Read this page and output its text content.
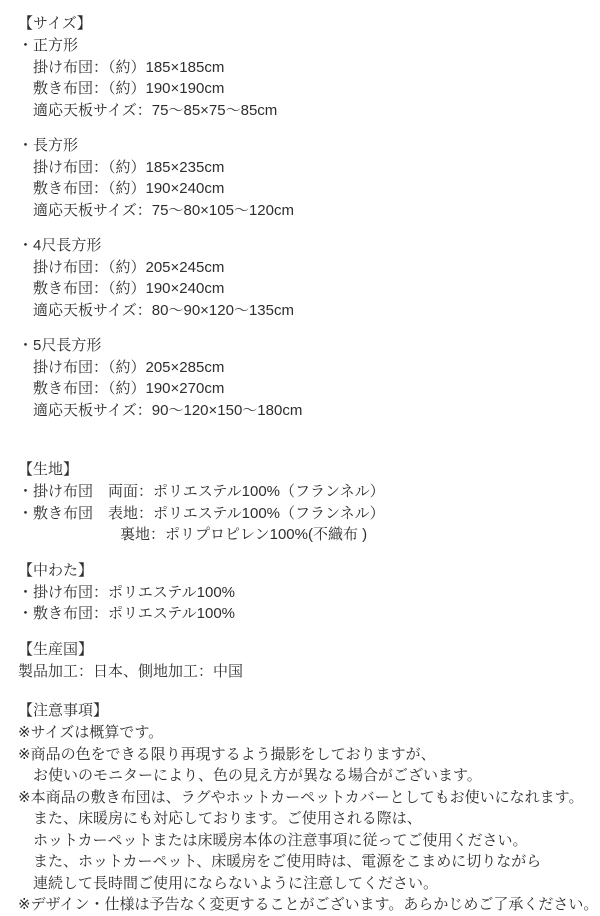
【サイズ】
・正方形
掛け布団：（約）185×185cm
敷き布団：（約）190×190cm
適応天板サイズ：75～85×75～85cm
・長方形
掛け布団：（約）185×235cm
敷き布団：（約）190×240cm
適応天板サイズ：75～80×105～120cm
・4尺長方形
掛け布団：（約）205×245cm
敷き布団：（約）190×240cm
適応天板サイズ：80～90×120～135cm
・5尺長方形
掛け布団：（約）205×285cm
敷き布団：（約）190×270cm
適応天板サイズ：90～120×150～180cm
【生地】
・掛け布団　両面：ポリエステル100%（フランネル）
・敷き布団　表地：ポリエステル100%（フランネル）
裏地：ポリプロピレン100%(不織布 )
【中わた】
・掛け布団：ポリエステル100%
・敷き布団：ポリエステル100%
【生産国】
製品加工：日本、側地加工：中国
【注意事項】
※サイズは概算です。
※商品の色をできる限り再現するよう撮影をしておりますが、
お使いのモニターにより、色の見え方が異なる場合がございます。
※本商品の敷き布団は、ラグやホットカーペットカバーとしてもお使いになれます。
また、床暖房にも対応しております。ご使用される際は、
ホットカーペットまたは床暖房本体の注意事項に従ってご使用ください。
また、ホットカーペット、床暖房をご使用時は、電源をこまめに切りながら
連続して長時間ご使用にならないように注意してください。
※デザイン・仕様は予告なく変更することがございます。あらかじめご了承ください。
